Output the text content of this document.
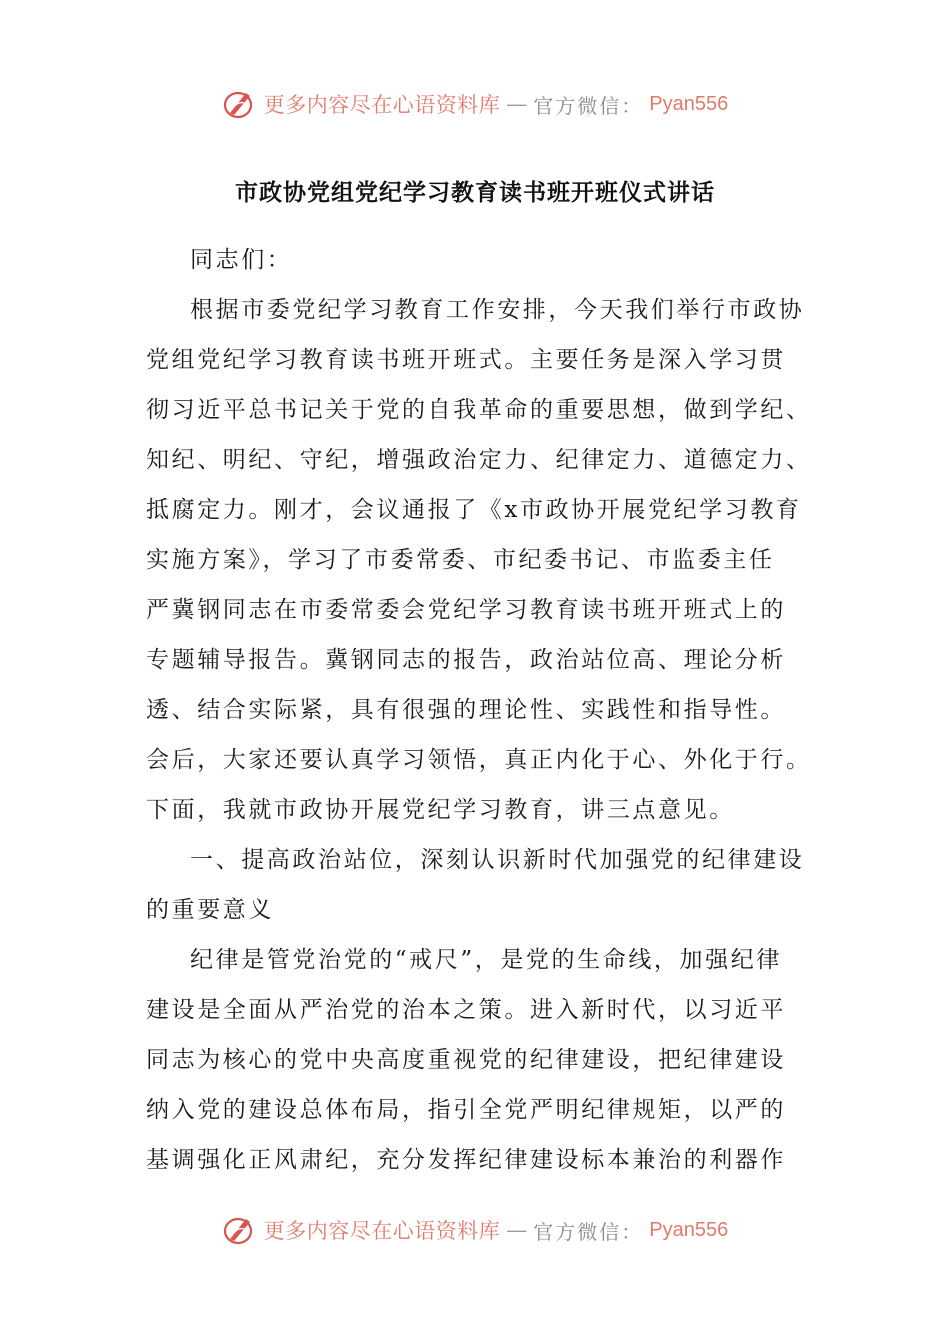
更多内容尽在心语资料库 — 官方微信： Pyan556
市政协党组党纪学习教育读书班开班仪式讲话
同志们：
根据市委党纪学习教育工作安排，今天我们举行市政协
党组党纪学习教育读书班开班式。主要任务是深入学习贯
彻习近平总书记关于党的自我革命的重要思想，做到学纪、
知纪、明纪、守纪，增强政治定力、纪律定力、道德定力、
抵腐定力。刚才，会议通报了《x市政协开展党纪学习教育
实施方案》，学习了市委常委、市纪委书记、市监委主任
严冀钢同志在市委常委会党纪学习教育读书班开班式上的
专题辅导报告。冀钢同志的报告，政治站位高、理论分析
透、结合实际紧，具有很强的理论性、实践性和指导性。
会后，大家还要认真学习领悟，真正内化于心、外化于行。
下面，我就市政协开展党纪学习教育，讲三点意见。
一、提高政治站位，深刻认识新时代加强党的纪律建设
的重要意义
纪律是管党治党的“戒尺”，是党的生命线，加强纪律
建设是全面从严治党的治本之策。进入新时代，以习近平
同志为核心的党中央高度重视党的纪律建设，把纪律建设
纳入党的建设总体布局，指引全党严明纪律规矩，以严的
基调强化正风肃纪，充分发挥纪律建设标本兼治的利器作
更多内容尽在心语资料库 — 官方微信： Pyan556
